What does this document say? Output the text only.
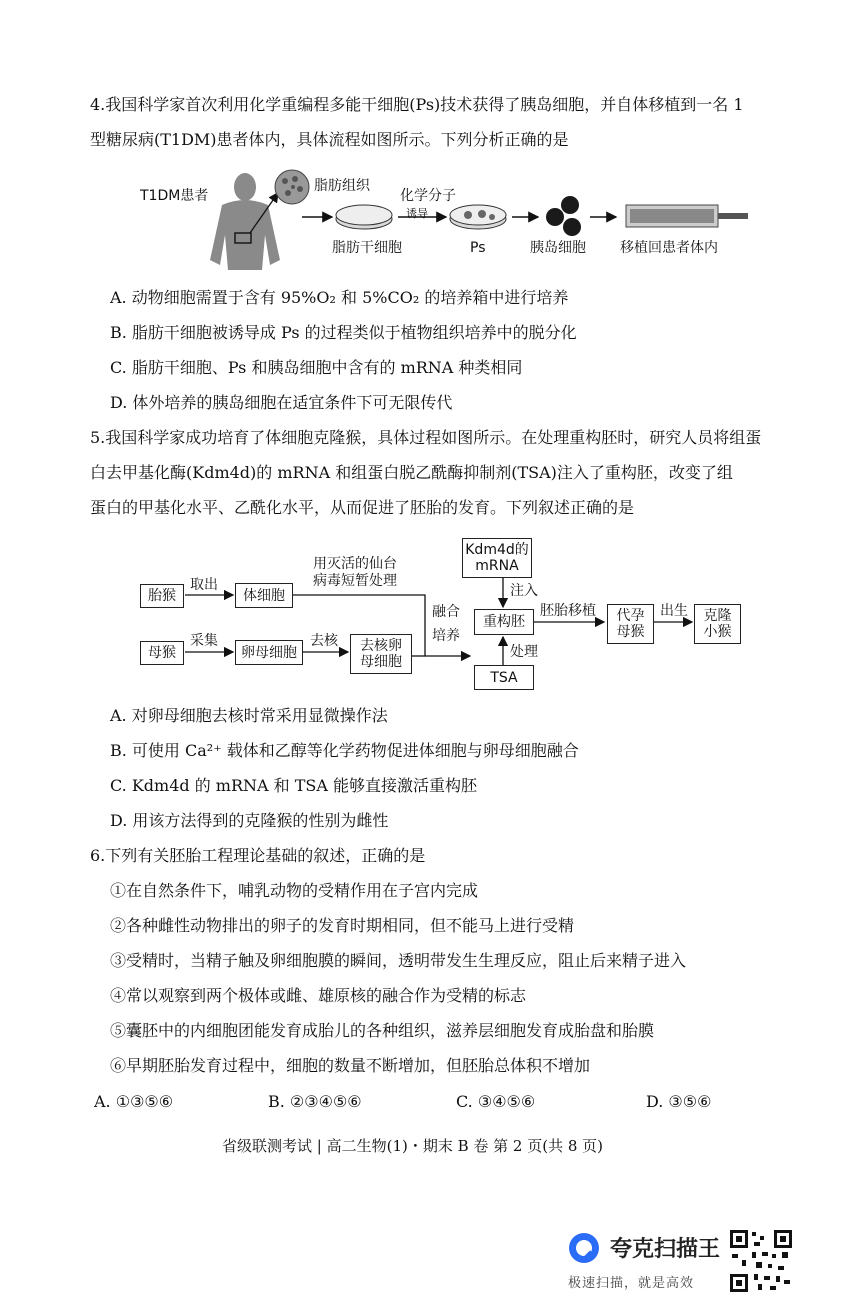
4.我国科学家首次利用化学重编程多能干细胞(Ps)技术获得了胰岛细胞，并自体移植到一名 1
型糖尿病(T1DM)患者体内，具体流程如图所示。下列分析正确的是
T1DM患者
脂肪组织
化学分子
诱导
脂肪干细胞	Ps	胰岛细胞 移植回患者体内
A. 动物细胞需置于含有 95%O₂ 和 5%CO₂ 的培养箱中进行培养
B. 脂肪干细胞被诱导成 Ps 的过程类似于植物组织培养中的脱分化
C. 脂肪干细胞、Ps 和胰岛细胞中含有的 mRNA 种类相同
D. 体外培养的胰岛细胞在适宜条件下可无限传代
5.我国科学家成功培育了体细胞克隆猴，具体过程如图所示。在处理重构胚时，研究人员将组蛋
白去甲基化酶(Kdm4d)的 mRNA 和组蛋白脱乙酰酶抑制剂(TSA)注入了重构胚，改变了组
蛋白的甲基化水平、乙酰化水平，从而促进了胚胎的发育。下列叙述正确的是
胎猴
取出
体细胞
用灭活的仙台
病毒短暂处理
母猴
采集
卵母细胞
去核 去核卵
母细胞
融合
培养
Kdm4d的
mRNA
注入
重构胚
处理
TSA
胚胎移植 代孕
母猴
出生 克隆
小猴
A. 对卵母细胞去核时常采用显微操作法
B. 可使用 Ca²⁺ 载体和乙醇等化学药物促进体细胞与卵母细胞融合
C. Kdm4d 的 mRNA 和 TSA 能够直接激活重构胚
D. 用该方法得到的克隆猴的性别为雌性
6.下列有关胚胎工程理论基础的叙述，正确的是
①在自然条件下，哺乳动物的受精作用在子宫内完成
②各种雌性动物排出的卵子的发育时期相同，但不能马上进行受精
③受精时，当精子触及卵细胞膜的瞬间，透明带发生生理反应，阻止后来精子进入
④常以观察到两个极体或雌、雄原核的融合作为受精的标志
⑤囊胚中的内细胞团能发育成胎儿的各种组织，滋养层细胞发育成胎盘和胎膜
⑥早期胚胎发育过程中，细胞的数量不断增加，但胚胎总体积不增加
A. ①③⑤⑥	B. ②③④⑤⑥	C. ③④⑤⑥	D. ③⑤⑥
省级联测考试 | 高二生物(1)・期末 B 卷 第 2 页(共 8 页)
夸克扫描王
极速扫描，就是高效
